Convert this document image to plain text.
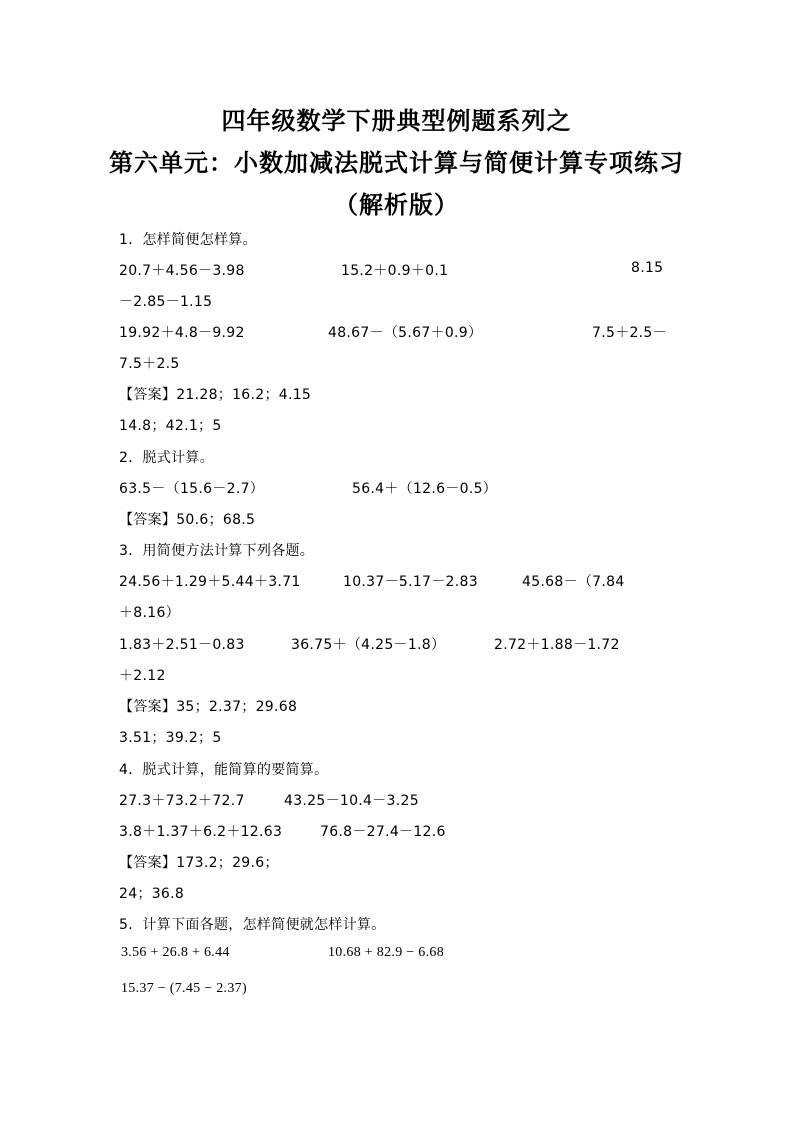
四年级数学下册典型例题系列之
第六单元：小数加减法脱式计算与简便计算专项练习
（解析版）
1．怎样简便怎样算。
20.7＋4.56－3.98	15.2＋0.9＋0.1	8.15
－2.85－1.15
19.92＋4.8－9.92	48.67－（5.67＋0.9）	7.5＋2.5－
7.5＋2.5
【答案】21.28；16.2；4.15
14.8；42.1；5
2．脱式计算。
63.5－（15.6－2.7）	56.4＋（12.6－0.5）
【答案】50.6；68.5
3．用简便方法计算下列各题。
24.56＋1.29＋5.44＋3.71	10.37－5.17－2.83	45.68－（7.84
＋8.16）
1.83＋2.51－0.83	36.75＋（4.25－1.8）	2.72＋1.88－1.72
＋2.12
【答案】35；2.37；29.68
3.51；39.2；5
4．脱式计算，能简算的要简算。
27.3＋73.2＋72.7	43.25－10.4－3.25
3.8＋1.37＋6.2＋12.63	76.8－27.4－12.6
【答案】173.2；29.6；
24；36.8
5．计算下面各题，怎样简便就怎样计算。
3.56 + 26.8 + 6.44	10.68 + 82.9 − 6.68
15.37 − (7.45 − 2.37)
